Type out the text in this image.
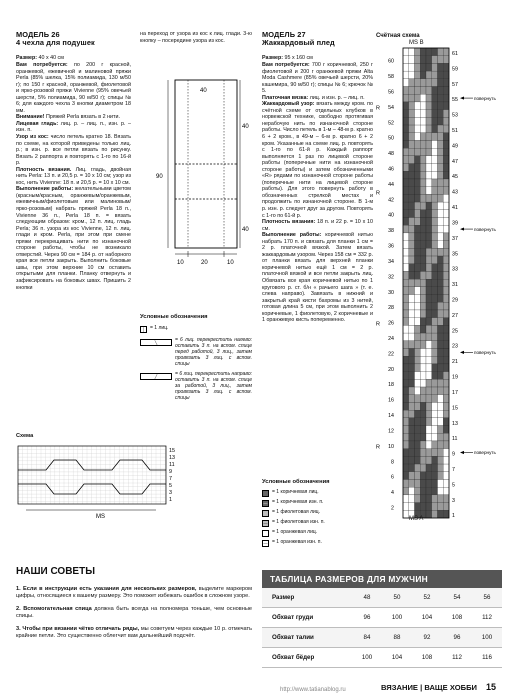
МОДЕЛЬ 26
4 чехла для подушек

Размер: 40 х 40 см

Вам потребуется: по 200 г красной, оранжевой, ежевичной и малиновой пряжи Perla (85% шелка, 15% полиамида, 130 м/50 г); по 150 г красной, оранжевой, фиолетовой и ярко-розовой пряжи Vivienne (95% овечьей шерсти, 5% полиамида, 90 м/50 г); спицы № 6; для каждого чехла 3 кнопки диаметром 18 мм.

Внимание! Пряжей Perla вязать в 2 нити.

Лицевая гладь: лиц. р. – лиц. п., изн. р. – изн. п.

Узор из кос: число петель кратно 18. Вязать по схеме, на которой приведены только лиц. р.; в изн. р. все петли вязать по рисунку. Вязать 2 раппорта и повторять с 1-го по 16-й р.

Плотность вязания. Лиц. гладь, двойная нить Perla: 13 п. и 20,5 р. = 10 х 10 см; узор из кос, нить Vivienne: 18 п. и 20,5 р. = 10 х 10 см.

Выполнение работы: желательными цветом (красным/красным, оранжевым/оранжевым, ежевичным/фиолетовым или малиновым/ярко-розовым) набрать пряжей Perla 18 п., Vivienne 36 п., Perla 18 п. = вязать следующим образом: кром., 12 п. лиц. гладь Perla; 36 п. узора из кос Vivienne, 12 п. лиц. глади и кром. Perla, при этом при смене пряжи перекрещивать нити по изнаночной стороне работы, чтобы не возникало отверстий. Через 90 см = 184 р. от наборного края все петли закрыть. Выполнить боковые швы, при этом верхние 10 см оставить открытыми для планки. Планку отвернуть и зафиксировать на боковых швах. Пришить 2 кнопки

на переход от узора из кос к лиц. глади. 3-ю кнопку – посередине узора из кос.

40
40
90
40
10	20	10
Условные обозначения
│	= 1 лиц.
╲	= 6 лиц. перекрестить налево: оставить 3 п. на вспом. спице перед работой, 3 лиц., затем провязать 3 лиц. с вспом. спицы
╱	= 6 лиц. перекрестить направо: оставить 3 п. на вспом. спице за работой, 3 лиц., затем провязать 3 лиц. с вспом. спицы
Схема
MS
15
13
11
9
7
5
3
1
МОДЕЛЬ 27
Жаккардовый плед

Размер: 95 х 160 см

Вам потребуется: 700 г коричневой, 250 г фиолетовой и 200 г оранжевой пряжи Alta Moda Cashmere (85% овечьей шерсти, 20% кашемира, 90 м/50 г); спицы № 6; крючок № 5.

Платочная вязка: лиц. и изн. р. – лиц. п.

Жаккардовый узор: вязать между кром. по счётной схеме от отдельных клубков в норвежской технике, свободно протягивая нерабочую нить по изнаночной стороне работы. Число петель в 1-м – 48-м р. кратно 6 + 2 кром., в 49-м – 6-м р. кратно 6 + 2 кром. Указанные на схеме лиц. р. повторять с 1-го по 61-й р. Каждый раппорт выполняется 1 раз по лицевой стороне работы (поперечные нити на изнаночной стороне работы) и затем обозначенными «R» рядами по изнаночной стороне работы (поперечные нити на лицевой стороне работы). Для этого повернуть работу в обозначенных стрелкой местах и продолжить по изнаночной стороне. В 1-м р. изн. р. следует друг за другом. Повторять с 1-го по 61-й р.

Плотность вязания: 18 п. и 22 р. = 10 х 10 см.

Выполнение работы: коричневой нитью набрать 170 п. и связать для планки 1 см = 2 р. платочной вязкой. Затем вязать жаккардовым узором. Через 158 см = 332 р. от планки вязать для верхней планки коричневой нитью ещё 1 см = 2 р. платочной вязкой и все петли закрыть лиц. Обвязать все края коричневой нитью по 1 кругового р. ст. б/н « рачьего шага » (т. е. слева направо). Завязать в нижний и закрытый край кисти бахромы из 3 нитей, готовая длина 5 см, при этом выполнить 2 коричневые, 1 фиолетовую, 2 коричневые и 1 оранжевую кисть попеременно.

Условные обозначения
= 1 коричневая лиц.
— = 1 коричневая изн. п.
= 1 фиолетовая лиц.
— = 1 фиолетовая изн. п.
= 1 оранжевая лиц.
— = 1 оранжевая изн. п.
Счётная схема
MS B
60
58
56
54
52
50
48
46
44
42
40
38
36
34
32
30
28
26
24
22
20
18
16
14
12
10
8
6
4
2
61
59
57
55
53
51
49
47
45
43
41
39
37
35
33
31
29
27
25
23
21
19
17
15
13
11
9
7
5
3
1
R
R
R
R
повернуть
повернуть
повернуть
повернуть
MS A
НАШИ СОВЕТЫ

1. Если в инструкции есть указания для нескольких размеров, выделите маркером цифры, относящиеся к вашему размеру. Это поможет избежать ошибок в сложном узоре.

2. Вспомогательная спица должна быть всегда на полномера тоньше, чем основные спицы.

3. Чтобы при вязании чётко отличать ряды, мы советуем через каждые 10 р. отмечать крайние петли. Это существенно облегчит вам дальнейший подсчёт.

ТАБЛИЦА РАЗМЕРОВ ДЛЯ МУЖЧИН
Размер	48	50	52	54	56
Обхват груди	96	100	104	108	112
Обхват талии	84	88	92	96	100
Обхват бёдер	100	104	108	112	116
http://www.tatianablog.ru	ВЯЗАНИЕ | ВАЩЕ ХОББИ 15
